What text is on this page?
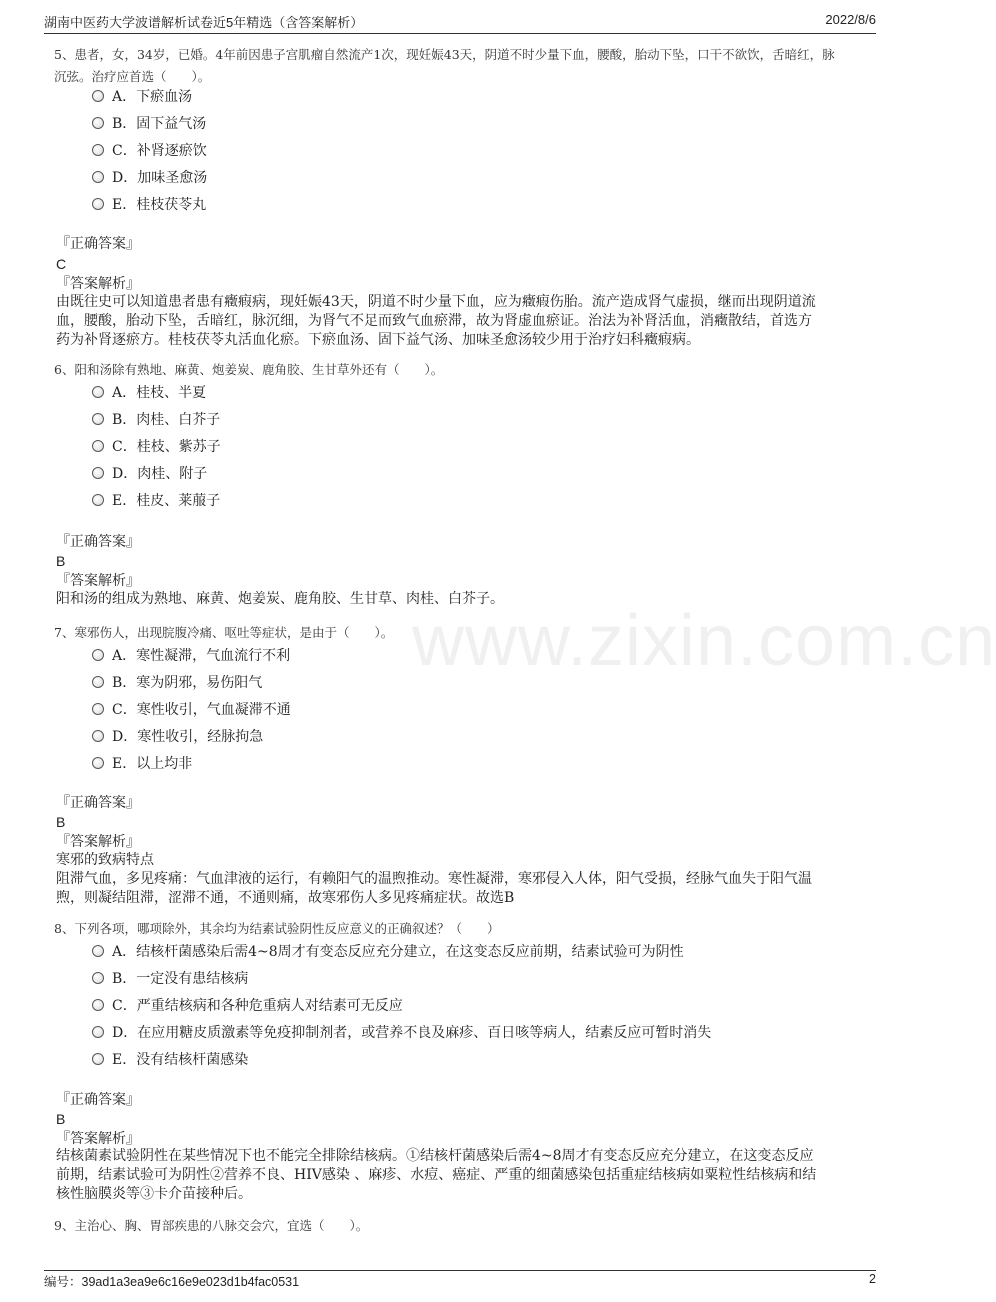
湖南中医药大学波谱解析试卷近5年精选（含答案解析）	2022/8/6
www.zixin.com.cn
5、患者，女，34岁，已婚。4年前因患子宫肌瘤自然流产1次，现妊娠43天，阴道不时少量下血，腰酸，胎动下坠，口干不欲饮，舌暗红，脉
沉弦。治疗应首选（　　）。
A．下瘀血汤
B．固下益气汤
C．补肾逐瘀饮
D．加味圣愈汤
E．桂枝茯苓丸
『正确答案』
C
『答案解析』
由既往史可以知道患者患有癥瘕病，现妊娠43天，阴道不时少量下血，应为癥瘕伤胎。流产造成肾气虚损，继而出现阴道流
血，腰酸，胎动下坠，舌暗红，脉沉细，为肾气不足而致气血瘀滞，故为肾虚血瘀证。治法为补肾活血，消癥散结，首选方
药为补肾逐瘀方。桂枝茯苓丸活血化瘀。下瘀血汤、固下益气汤、加味圣愈汤较少用于治疗妇科癥瘕病。
6、阳和汤除有熟地、麻黄、炮姜炭、鹿角胶、生甘草外还有（　　）。
A．桂枝、半夏
B．肉桂、白芥子
C．桂枝、紫苏子
D．肉桂、附子
E．桂皮、莱菔子
『正确答案』
B
『答案解析』
阳和汤的组成为熟地、麻黄、炮姜炭、鹿角胶、生甘草、肉桂、白芥子。
7、寒邪伤人，出现脘腹冷痛、呕吐等症状，是由于（　　）。
A．寒性凝滞，气血流行不利
B．寒为阴邪，易伤阳气
C．寒性收引，气血凝滞不通
D．寒性收引，经脉拘急
E．以上均非
『正确答案』
B
『答案解析』
寒邪的致病特点
阻滞气血，多见疼痛：气血津液的运行，有赖阳气的温煦推动。寒性凝滞，寒邪侵入人体，阳气受损，经脉气血失于阳气温
煦，则凝结阻滞，涩滞不通，不通则痛，故寒邪伤人多见疼痛症状。故选B
8、下列各项，哪项除外，其余均为结素试验阴性反应意义的正确叙述？（　　）
A．结核杆菌感染后需4~8周才有变态反应充分建立，在这变态反应前期，结素试验可为阴性
B．一定没有患结核病
C．严重结核病和各种危重病人对结素可无反应
D．在应用糖皮质激素等免疫抑制剂者，或营养不良及麻疹、百日咳等病人，结素反应可暂时消失
E．没有结核杆菌感染
『正确答案』
B
『答案解析』
结核菌素试验阴性在某些情况下也不能完全排除结核病。①结核杆菌感染后需4~8周才有变态反应充分建立，在这变态反应
前期，结素试验可为阴性②营养不良、HIV感染 、麻疹、水痘、癌症、严重的细菌感染包括重症结核病如粟粒性结核病和结
核性脑膜炎等③卡介苗接种后。
9、主治心、胸、胃部疾患的八脉交会穴，宜选（　　）。
编号：39ad1a3ea9e6c16e9e023d1b4fac0531	2
